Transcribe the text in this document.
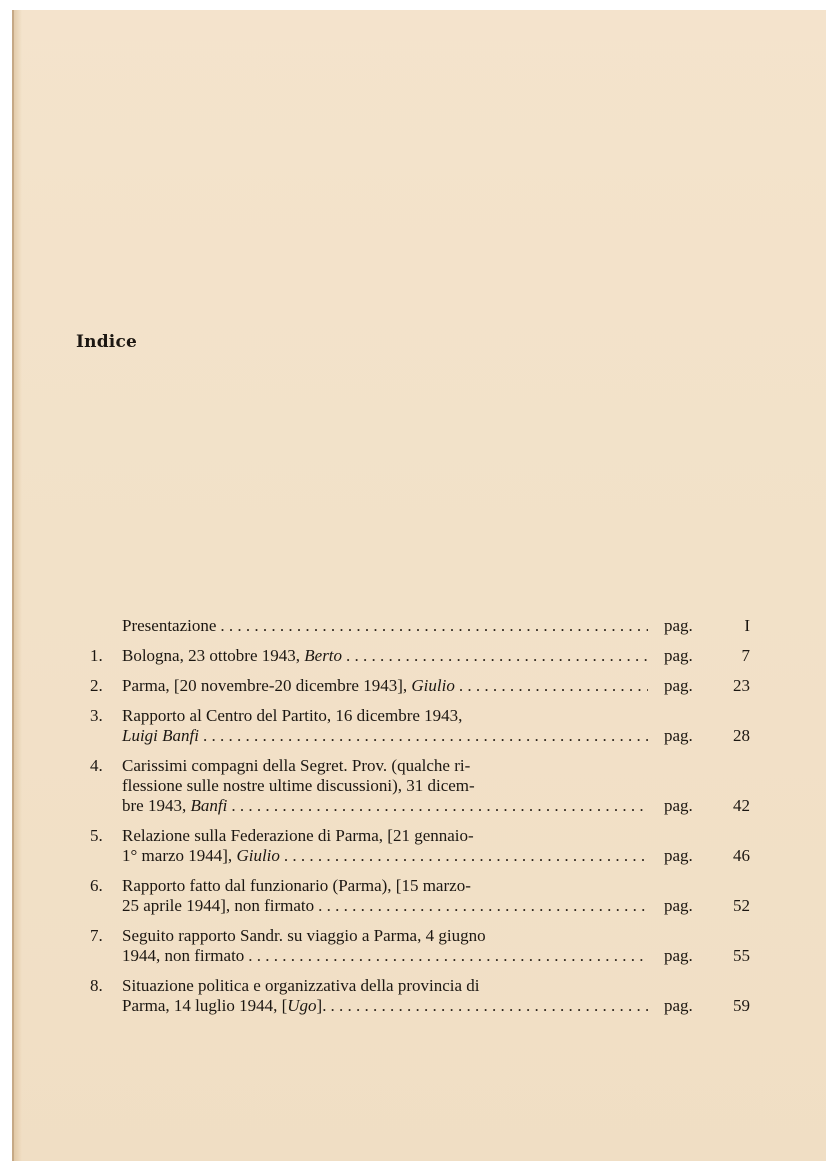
Indice
Presentazione . . .	pag.	I
1.	Bologna, 23 ottobre 1943, Berto . . .	pag.	7
2.	Parma, [20 novembre-20 dicembre 1943], Giulio . . .	pag.	23
3.	Rapporto al Centro del Partito, 16 dicembre 1943,
Luigi Banfi . . .	pag.	28
4.	Carissimi compagni della Segret. Prov. (qualche ri-
flessione sulle nostre ultime discussioni), 31 dicem-
bre 1943, Banfi . . .	pag.	42
5.	Relazione sulla Federazione di Parma, [21 gennaio-
1° marzo 1944], Giulio . . .	pag.	46
6.	Rapporto fatto dal funzionario (Parma), [15 marzo-
25 aprile 1944], non firmato . . .	pag.	52
7.	Seguito rapporto Sandr. su viaggio a Parma, 4 giugno
1944, non firmato . . .	pag.	55
8.	Situazione politica e organizzativa della provincia di
Parma, 14 luglio 1944, [Ugo]. . . .	pag.	59
